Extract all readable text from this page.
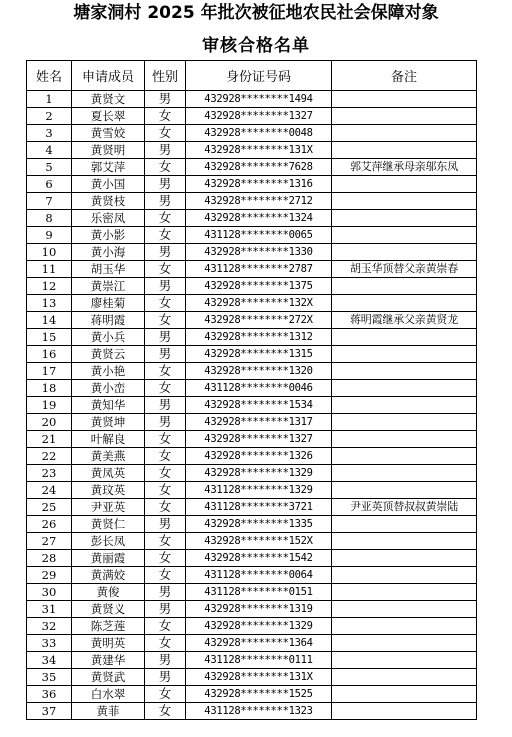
塘家洞村 2025 年批次被征地农民社会保障对象
审核合格名单
姓名	申请成员	性别	身份证号码	备注
1	黄贤文	男	432928********1494	
2	夏长翠	女	432928********1327	
3	黄雪姣	女	432928********0048	
4	黄贤明	男	432928********131X	
5	郭艾萍	女	432928********7628	郭艾萍继承母亲邬东凤
6	黄小国	男	432928********1316	
7	黄贤枝	男	432928********2712	
8	乐密凤	女	432928********1324	
9	黄小影	女	431128********0065	
10	黄小海	男	432928********1330	
11	胡玉华	女	431128********2787	胡玉华顶替父亲黄崇春
12	黄崇江	男	432928********1375	
13	廖桂菊	女	432928********132X	
14	蒋明霞	女	432928********272X	蒋明霞继承父亲黄贤龙
15	黄小兵	男	432928********1312	
16	黄贤云	男	432928********1315	
17	黄小艳	女	432928********1320	
18	黄小峦	女	431128********0046	
19	黄知华	男	432928********1534	
20	黄贤坤	男	432928********1317	
21	叶解良	女	432928********1327	
22	黄美燕	女	432928********1326	
23	黄凤英	女	432928********1329	
24	黄玟英	女	431128********1329	
25	尹亚英	女	431128********3721	尹亚英顶替叔叔黄崇陆
26	黄贤仁	男	432928********1335	
27	彭长凤	女	432928********152X	
28	黄丽霞	女	432928********1542	
29	黄满姣	女	431128********0064	
30	黄俊	男	431128********0151	
31	黄贤义	男	432928********1319	
32	陈芝莲	女	432928********1329	
33	黄明英	女	432928********1364	
34	黄建华	男	431128********0111	
35	黄贤武	男	432928********131X	
36	白水翠	女	432928********1525	
37	黄菲	女	431128********1323	
